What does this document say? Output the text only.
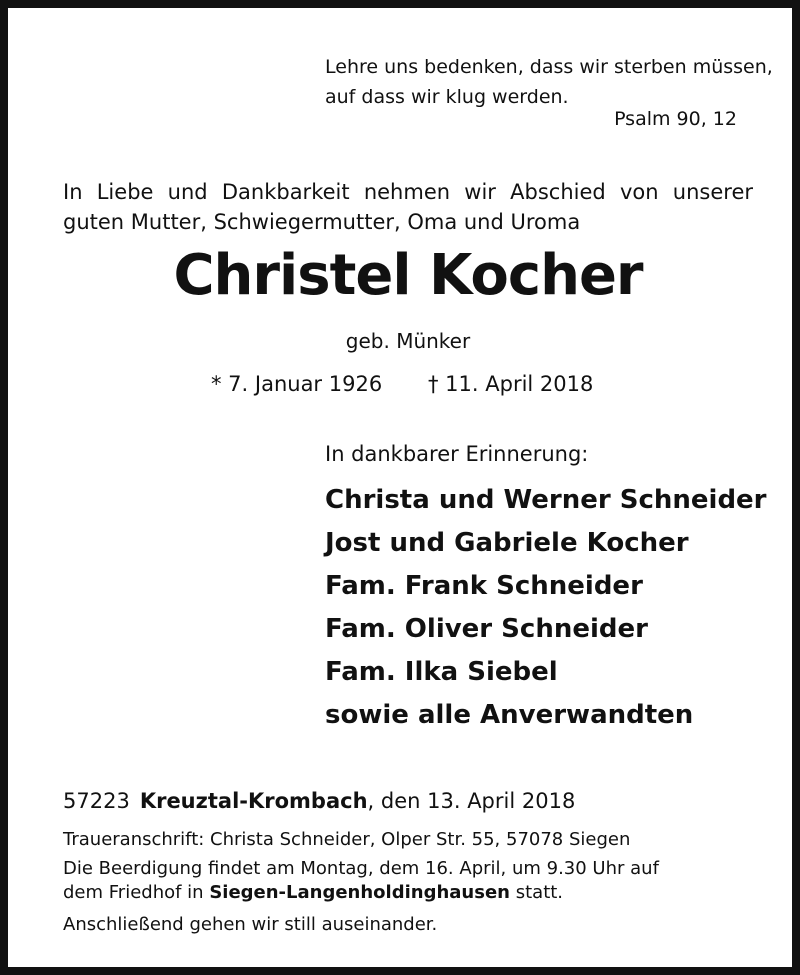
Lehre uns bedenken, dass wir sterben müssen,
auf dass wir klug werden.
Psalm 90, 12
In Liebe und Dankbarkeit nehmen wir Abschied von unserer
guten Mutter, Schwiegermutter, Oma und Uroma
Christel Kocher
geb. Münker
* 7. Januar 1926 † 11. April 2018
In dankbarer Erinnerung:
Christa und Werner Schneider
Jost und Gabriele Kocher
Fam. Frank Schneider
Fam. Oliver Schneider
Fam. Ilka Siebel
sowie alle Anverwandten
57223 Kreuztal-Krombach, den 13. April 2018
Traueranschrift: Christa Schneider, Olper Str. 55, 57078 Siegen
Die Beerdigung findet am Montag, dem 16. April, um 9.30 Uhr auf
dem Friedhof in Siegen-Langenholdinghausen statt.
Anschließend gehen wir still auseinander.
